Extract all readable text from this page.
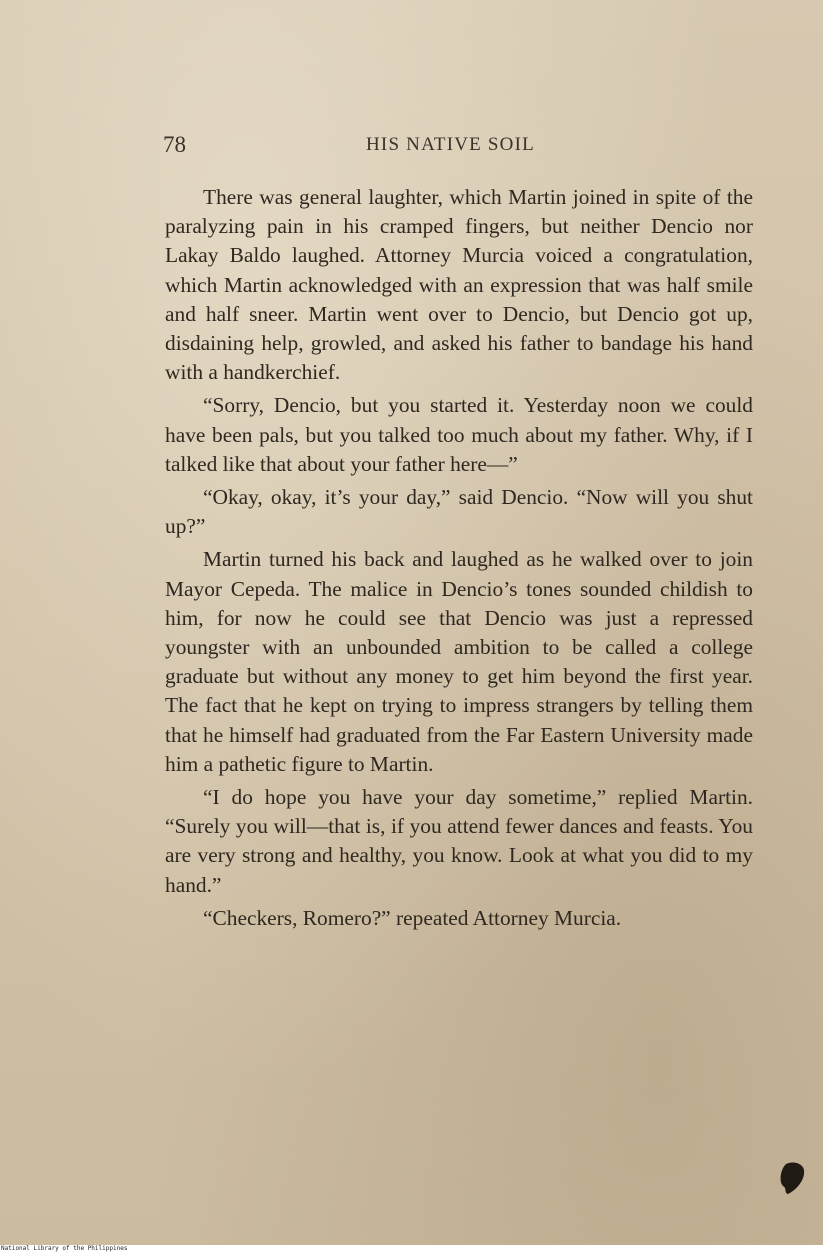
78	HIS NATIVE SOIL

There was general laughter, which Martin joined in spite of the paralyzing pain in his cramped fingers, but neither Dencio nor Lakay Baldo laughed. Attorney Murcia voiced a congratulation, which Martin acknowledged with an expression that was half smile and half sneer. Martin went over to Dencio, but Dencio got up, disdaining help, growled, and asked his father to bandage his hand with a handkerchief.

“Sorry, Dencio, but you started it. Yesterday noon we could have been pals, but you talked too much about my father. Why, if I talked like that about your father here—”

“Okay, okay, it’s your day,” said Dencio. “Now will you shut up?”

Martin turned his back and laughed as he walked over to join Mayor Cepeda. The malice in Dencio’s tones sounded childish to him, for now he could see that Dencio was just a repressed youngster with an unbounded ambition to be called a college graduate but without any money to get him beyond the first year. The fact that he kept on trying to impress strangers by telling them that he himself had graduated from the Far Eastern University made him a pathetic figure to Martin.

“I do hope you have your day sometime,” replied Martin. “Surely you will—that is, if you attend fewer dances and feasts. You are very strong and healthy, you know. Look at what you did to my hand.”

“Checkers, Romero?” repeated Attorney Murcia.

National Library of the Philippines
